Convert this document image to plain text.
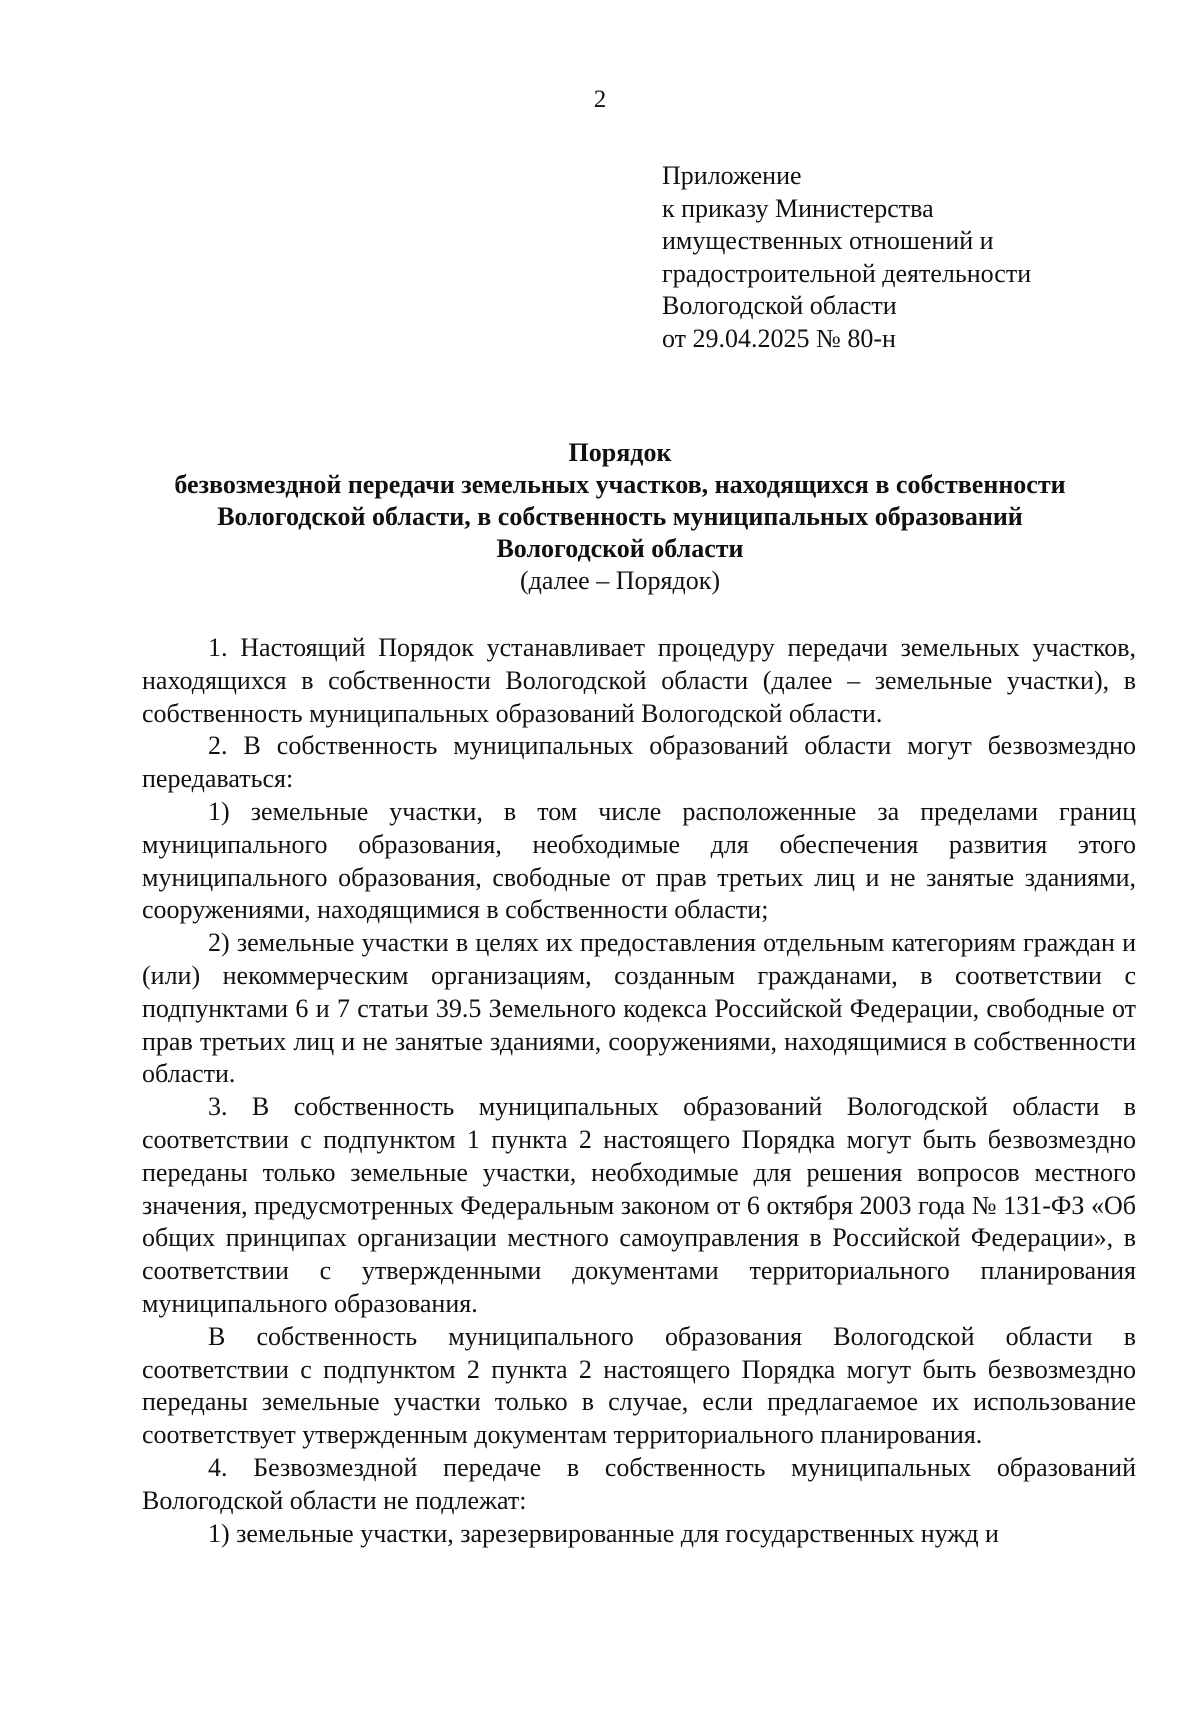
2
Приложение
к приказу Министерства
имущественных отношений и
градостроительной деятельности
Вологодской области
от 29.04.2025 № 80-н
Порядок
безвозмездной передачи земельных участков, находящихся в собственности
Вологодской области, в собственность муниципальных образований
Вологодской области
(далее – Порядок)

1. Настоящий Порядок устанавливает процедуру передачи земельных участков, находящихся в собственности Вологодской области (далее – земельные участки), в собственность муниципальных образований Вологодской области.

2. В собственность муниципальных образований области могут безвозмездно передаваться:

1) земельные участки, в том числе расположенные за пределами границ муниципального образования, необходимые для обеспечения развития этого муниципального образования, свободные от прав третьих лиц и не занятые зданиями, сооружениями, находящимися в собственности области;

2) земельные участки в целях их предоставления отдельным категориям граждан и (или) некоммерческим организациям, созданным гражданами, в соответствии с подпунктами 6 и 7 статьи 39.5 Земельного кодекса Российской Федерации, свободные от прав третьих лиц и не занятые зданиями, сооружениями, находящимися в собственности области.

3. В собственность муниципальных образований Вологодской области в соответствии с подпунктом 1 пункта 2 настоящего Порядка могут быть безвозмездно переданы только земельные участки, необходимые для решения вопросов местного значения, предусмотренных Федеральным законом от 6 октября 2003 года № 131-ФЗ «Об общих принципах организации местного самоуправления в Российской Федерации», в соответствии с утвержденными документами территориального планирования муниципального образования.

В собственность муниципального образования Вологодской области в соответствии с подпунктом 2 пункта 2 настоящего Порядка могут быть безвозмездно переданы земельные участки только в случае, если предлагаемое их использование соответствует утвержденным документам территориального планирования.

4. Безвозмездной передаче в собственность муниципальных образований Вологодской области не подлежат:

1) земельные участки, зарезервированные для государственных нужд и
